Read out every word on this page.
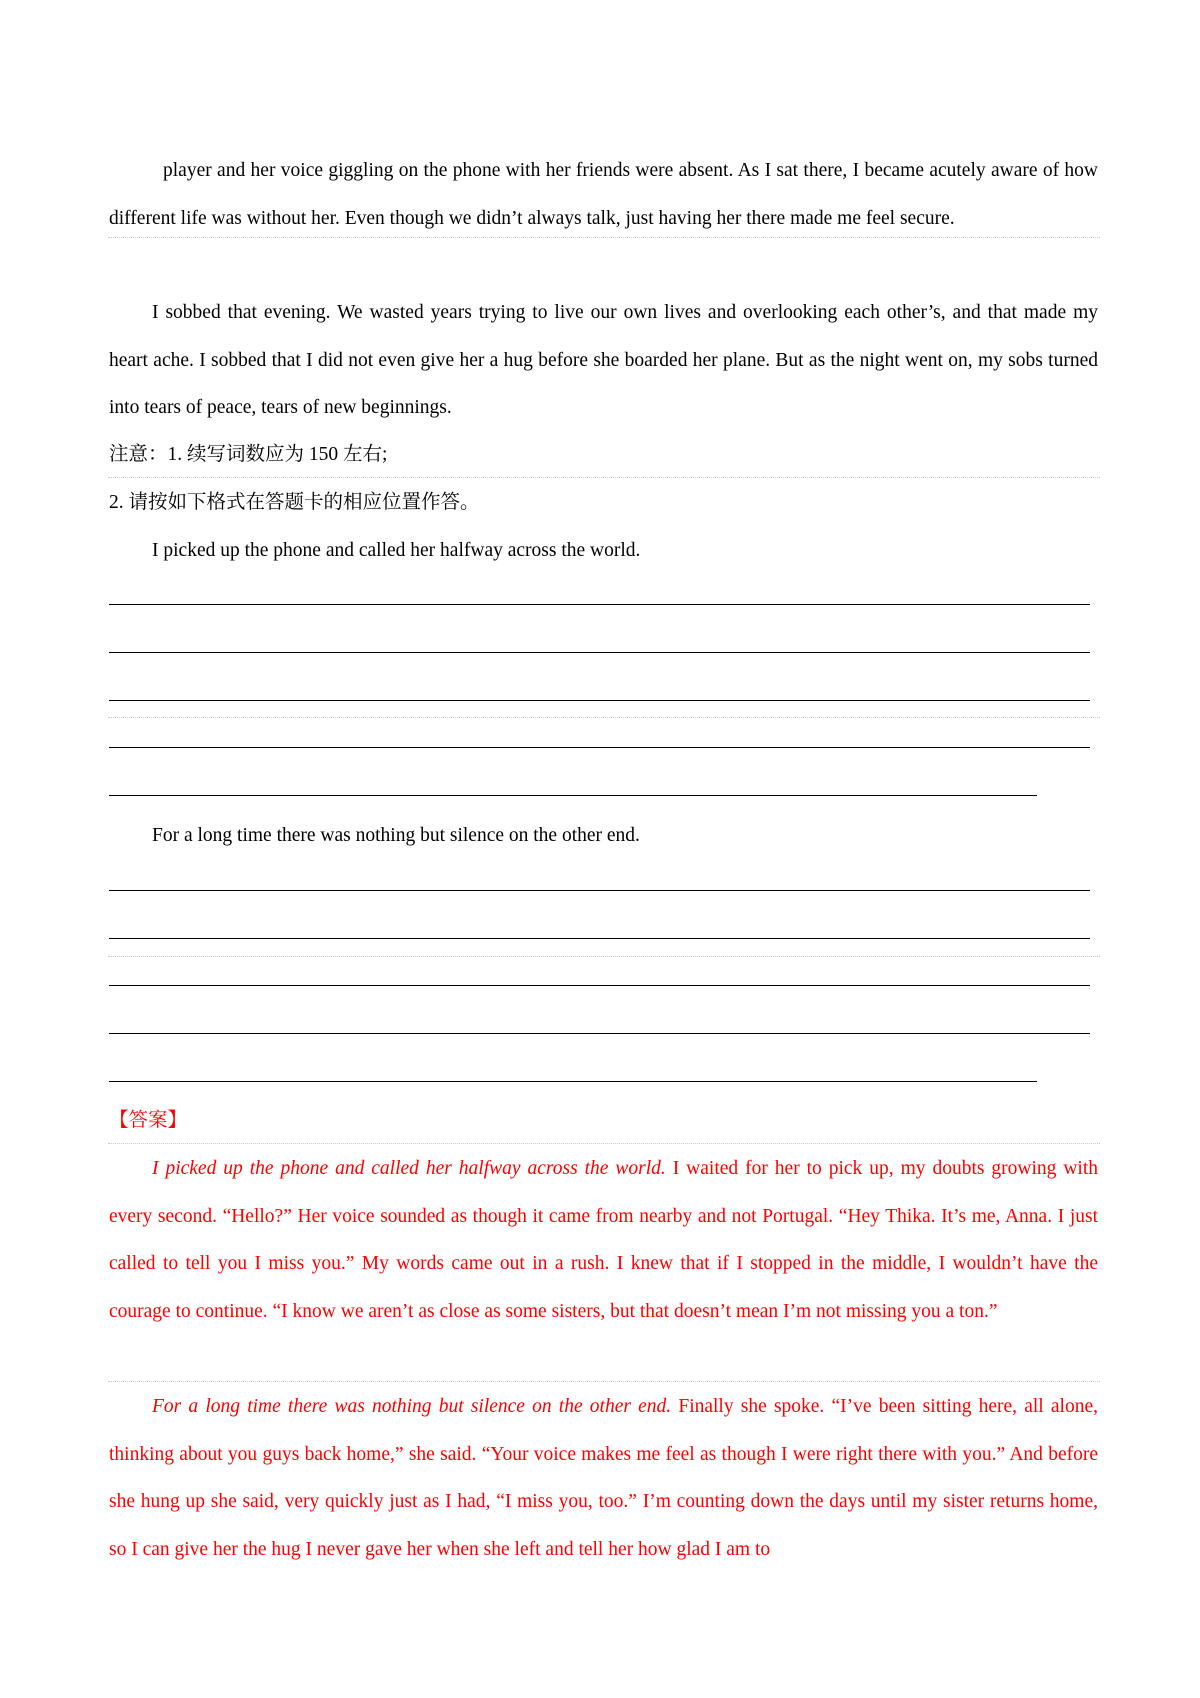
player and her voice giggling on the phone with her friends were absent. As I sat there, I became acutely aware of how different life was without her. Even though we didn’t always talk, just having her there made me feel secure.

I sobbed that evening. We wasted years trying to live our own lives and overlooking each other’s, and that made my heart ache. I sobbed that I did not even give her a hug before she boarded her plane. But as the night went on, my sobs turned into tears of peace, tears of new beginnings.

注意：1. 续写词数应为 150 左右;

2. 请按如下格式在答题卡的相应位置作答。

I picked up the phone and called her halfway across the world.

For a long time there was nothing but silence on the other end.

【答案】

I picked up the phone and called her halfway across the world. I waited for her to pick up, my doubts growing with every second. “Hello?” Her voice sounded as though it came from nearby and not Portugal. “Hey Thika. It’s me, Anna. I just called to tell you I miss you.” My words came out in a rush. I knew that if I stopped in the middle, I wouldn’t have the courage to continue. “I know we aren’t as close as some sisters, but that doesn’t mean I’m not missing you a ton.”

For a long time there was nothing but silence on the other end. Finally she spoke. “I’ve been sitting here, all alone, thinking about you guys back home,” she said. “Your voice makes me feel as though I were right there with you.” And before she hung up she said, very quickly just as I had, “I miss you, too.” I’m counting down the days until my sister returns home, so I can give her the hug I never gave her when she left and tell her how glad I am to
